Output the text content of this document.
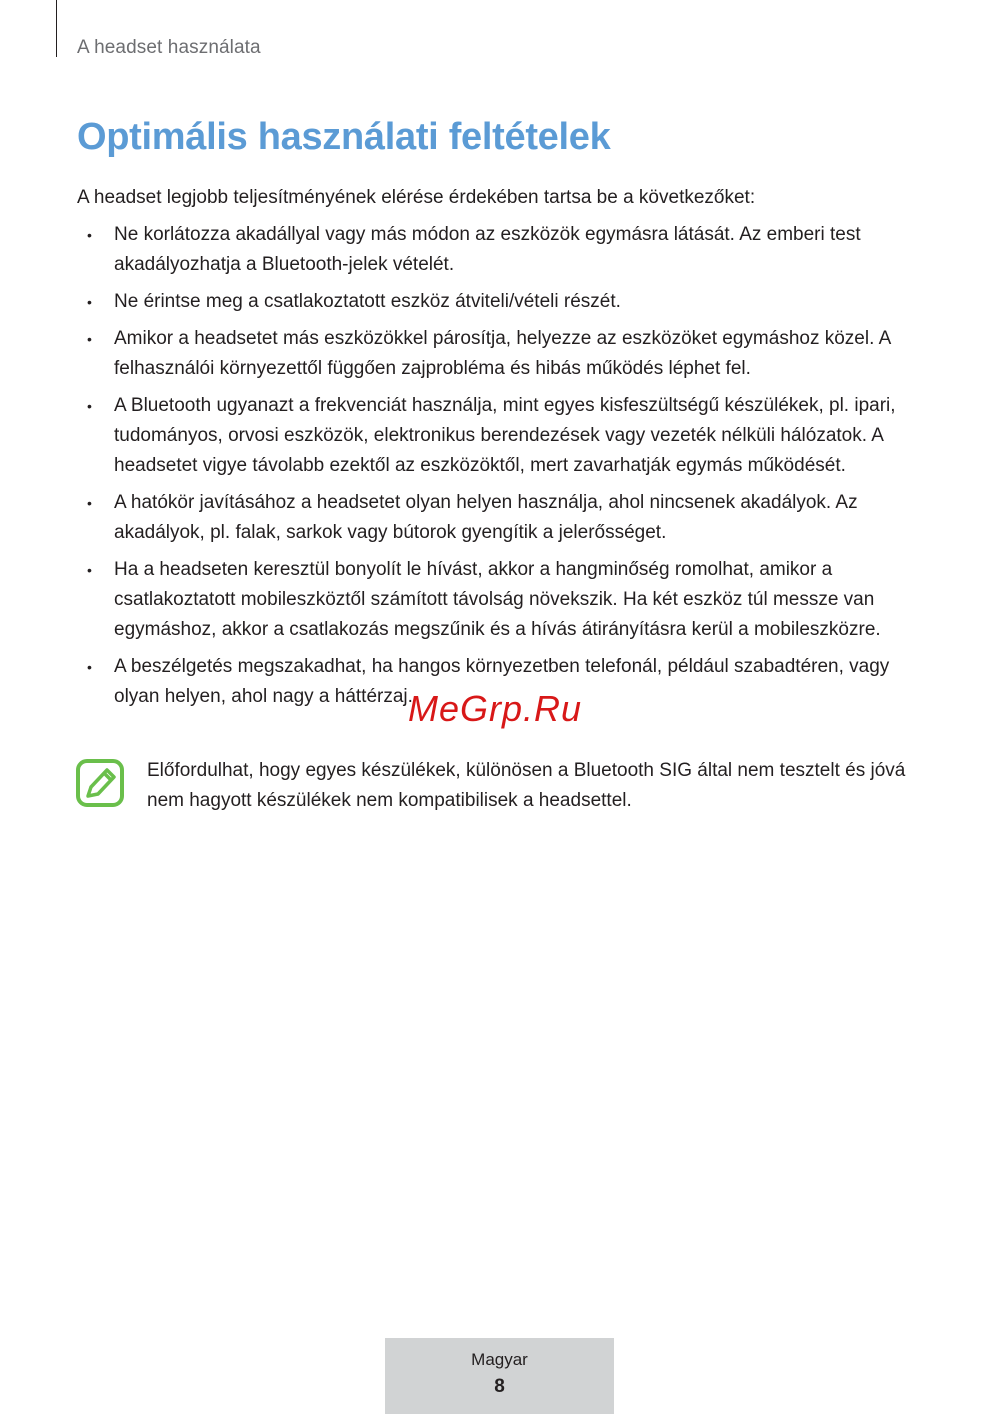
A headset használata
Optimális használati feltételek

A headset legjobb teljesítményének elérése érdekében tartsa be a következőket:

• Ne korlátozza akadállyal vagy más módon az eszközök egymásra látását. Az emberi test akadályozhatja a Bluetooth-jelek vételét.
• Ne érintse meg a csatlakoztatott eszköz átviteli/vételi részét.
• Amikor a headsetet más eszközökkel párosítja, helyezze az eszközöket egymáshoz közel. A felhasználói környezettől függően zajprobléma és hibás működés léphet fel.
• A Bluetooth ugyanazt a frekvenciát használja, mint egyes kisfeszültségű készülékek, pl. ipari, tudományos, orvosi eszközök, elektronikus berendezések vagy vezeték nélküli hálózatok. A headsetet vigye távolabb ezektől az eszközöktől, mert zavarhatják egymás működését.
• A hatókör javításához a headsetet olyan helyen használja, ahol nincsenek akadályok. Az akadályok, pl. falak, sarkok vagy bútorok gyengítik a jelerősséget.
• Ha a headseten keresztül bonyolít le hívást, akkor a hangminőség romolhat, amikor a csatlakoztatott mobileszköztől számított távolság növekszik. Ha két eszköz túl messze van egymáshoz, akkor a csatlakozás megszűnik és a hívás átirányításra kerül a mobileszközre.
• A beszélgetés megszakadhat, ha hangos környezetben telefonál, például szabadtéren, vagy olyan helyen, ahol nagy a háttérzaj.

Előfordulhat, hogy egyes készülékek, különösen a Bluetooth SIG által nem tesztelt és jóvá nem hagyott készülékek nem kompatibilisek a headsettel.

MeGrp.Ru
Magyar
8
